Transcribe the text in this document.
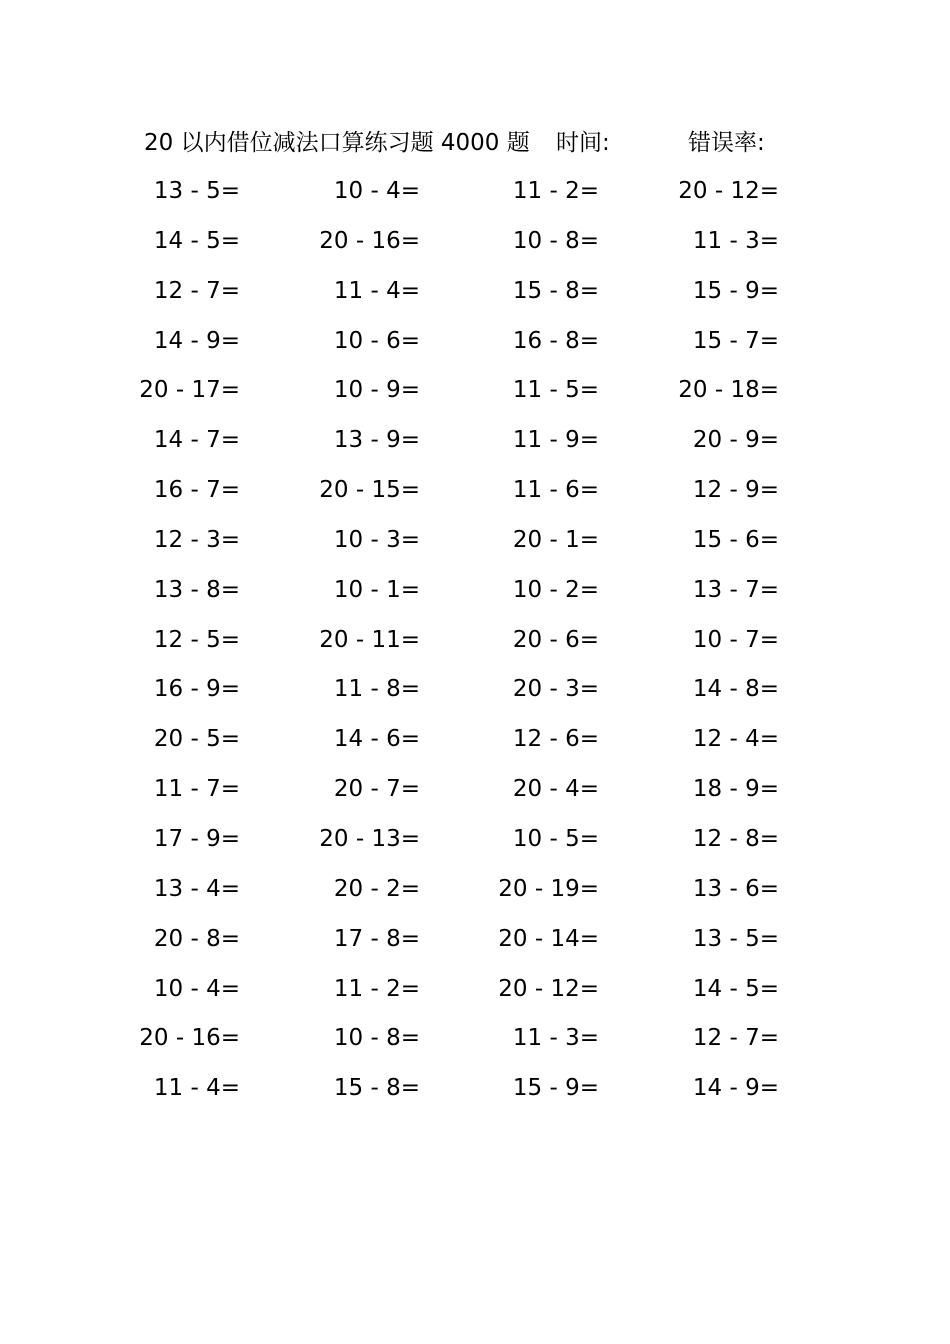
20 以内借位减法口算练习题 4000 题 时间:	错误率:
13 - 5=	10 - 4=	11 - 2=	20 - 12=
14 - 5=	20 - 16=	10 - 8=	11 - 3=
12 - 7=	11 - 4=	15 - 8=	15 - 9=
14 - 9=	10 - 6=	16 - 8=	15 - 7=
20 - 17=	10 - 9=	11 - 5=	20 - 18=
14 - 7=	13 - 9=	11 - 9=	20 - 9=
16 - 7=	20 - 15=	11 - 6=	12 - 9=
12 - 3=	10 - 3=	20 - 1=	15 - 6=
13 - 8=	10 - 1=	10 - 2=	13 - 7=
12 - 5=	20 - 11=	20 - 6=	10 - 7=
16 - 9=	11 - 8=	20 - 3=	14 - 8=
20 - 5=	14 - 6=	12 - 6=	12 - 4=
11 - 7=	20 - 7=	20 - 4=	18 - 9=
17 - 9=	20 - 13=	10 - 5=	12 - 8=
13 - 4=	20 - 2=	20 - 19=	13 - 6=
20 - 8=	17 - 8=	20 - 14=	13 - 5=
10 - 4=	11 - 2=	20 - 12=	14 - 5=
20 - 16=	10 - 8=	11 - 3=	12 - 7=
11 - 4=	15 - 8=	15 - 9=	14 - 9=
